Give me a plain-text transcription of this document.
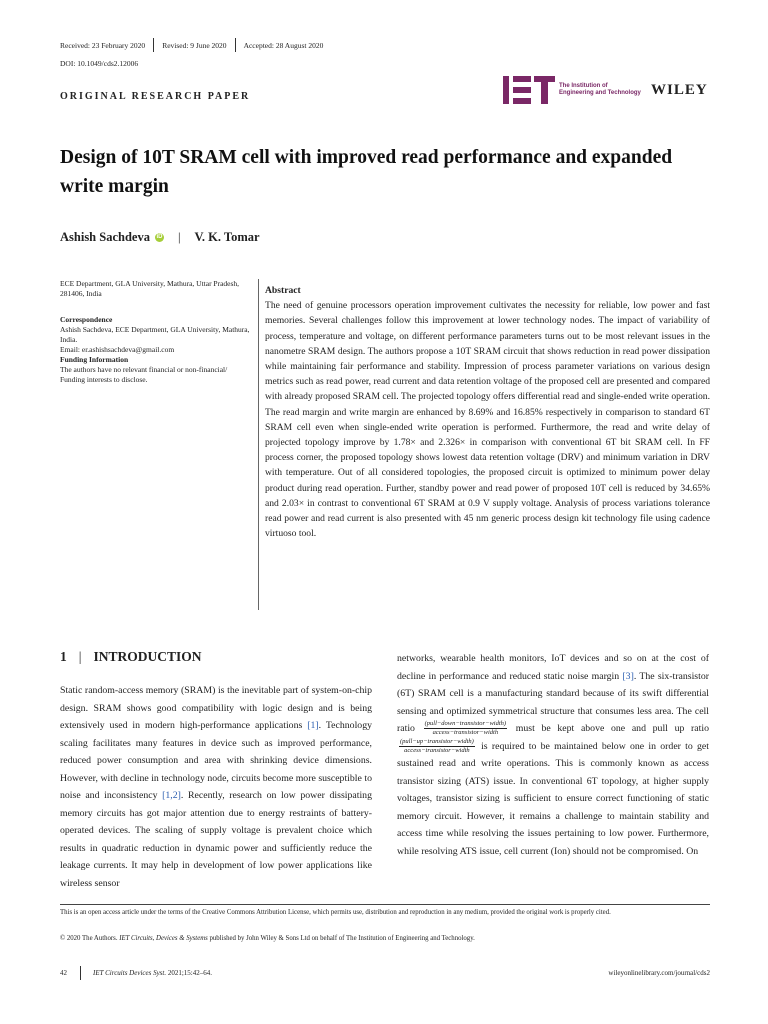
Received: 23 February 2020	Revised: 9 June 2020	Accepted: 28 August 2020
DOI: 10.1049/cds2.12006
ORIGINAL RESEARCH PAPER
The Institution of
Engineering and Technology WILEY
Design of 10T SRAM cell with improved read performance and expanded write margin
Ashish Sachdeva iD | V. K. Tomar

ECE Department, GLA University, Mathura, Uttar Pradesh, 281406, India

Correspondence

Ashish Sachdeva, ECE Department, GLA University, Mathura, India.

Email: er.ashishsachdeva@gmail.com

Funding Information

The authors have no relevant financial or non-financial/ Funding interests to disclose.

Abstract

The need of genuine processors operation improvement cultivates the necessity for reliable, low power and fast memories. Several challenges follow this improvement at lower technology nodes. The impact of variability of process, temperature and voltage, on different performance parameters turns out to be most relevant issues in the nanometre SRAM design. The authors propose a 10T SRAM circuit that shows reduction in read power dissipation while maintaining fair performance and stability. Impression of process parameter variations on various design metrics such as read power, read current and data retention voltage of the proposed cell are presented and compared with already proposed SRAM cell. The projected topology offers differential read and single-ended write operation. The read margin and write margin are enhanced by 8.69% and 16.85% respectively in comparison to standard 6T SRAM cell even when single-ended write operation is performed. Furthermore, the read and write delay of projected topology improve by 1.78× and 2.326× in comparison with conventional 6T bit SRAM cell. In FF process corner, the proposed topology shows lowest data retention voltage (DRV) and minimum variation in DRV with temperature. Out of all considered topologies, the proposed circuit is optimized to minimum power delay product during read operation. Further, standby power and read power of proposed 10T cell is reduced by 34.65% and 2.03× in contrast to conventional 6T SRAM at 0.9 V supply voltage. Analysis of process variations tolerance read power and read current is also presented with 45 nm generic process design kit technology file using cadence virtuoso tool.

1 | INTRODUCTION
Static random-access memory (SRAM) is the inevitable part of system-on-chip design. SRAM shows good compatibility with logic design and is being extensively used in modern high-performance applications [1]. Technology scaling facilitates many features in device such as improved performance, reduced power consumption and area with shrinking device dimensions. However, with decline in technology node, circuits become more susceptible to noise and inconsistency [1,2]. Recently, research on low power dissipating memory circuits has got major attention due to energy restraints of battery-operated devices. The scaling of supply voltage is prevalent choice which results in quadratic reduction in dynamic power and sufficiently reduce the leakage currents. It may help in development of low power applications like wireless sensor
networks, wearable health monitors, IoT devices and so on at the cost of decline in performance and reduced static noise margin [3]. The six-transistor (6T) SRAM cell is a manufacturing standard because of its swift differential sensing and optimized symmetrical structure that consumes less area. The cell ratio $\frac{\text{(pull−down−transistor−width)}}{\text{access−transistor−width}}$ must be kept above one and pull up ratio
$\frac{\text{(pull−up−transistor−width)}}{\text{access−transistor−width}}$ is required to be maintained below one in order to get sustained read and write operations. This is commonly known as access transistor sizing (ATS) issue. In conventional 6T topology, at higher supply voltages, transistor sizing is sufficient to ensure correct functioning of static memory circuit. However, it remains a challenge to maintain stability and access time while resolving the issues pertaining to low power. Furthermore, while resolving ATS issue, cell current (Ion) should not be compromised. On

This is an open access article under the terms of the Creative Commons Attribution License, which permits use, distribution and reproduction in any medium, provided the original work is properly cited.

© 2020 The Authors. IET Circuits, Devices & Systems published by John Wiley & Sons Ltd on behalf of The Institution of Engineering and Technology.

42	IET Circuits Devices Syst. 2021;15:42–64.	wileyonlinelibrary.com/journal/cds2
